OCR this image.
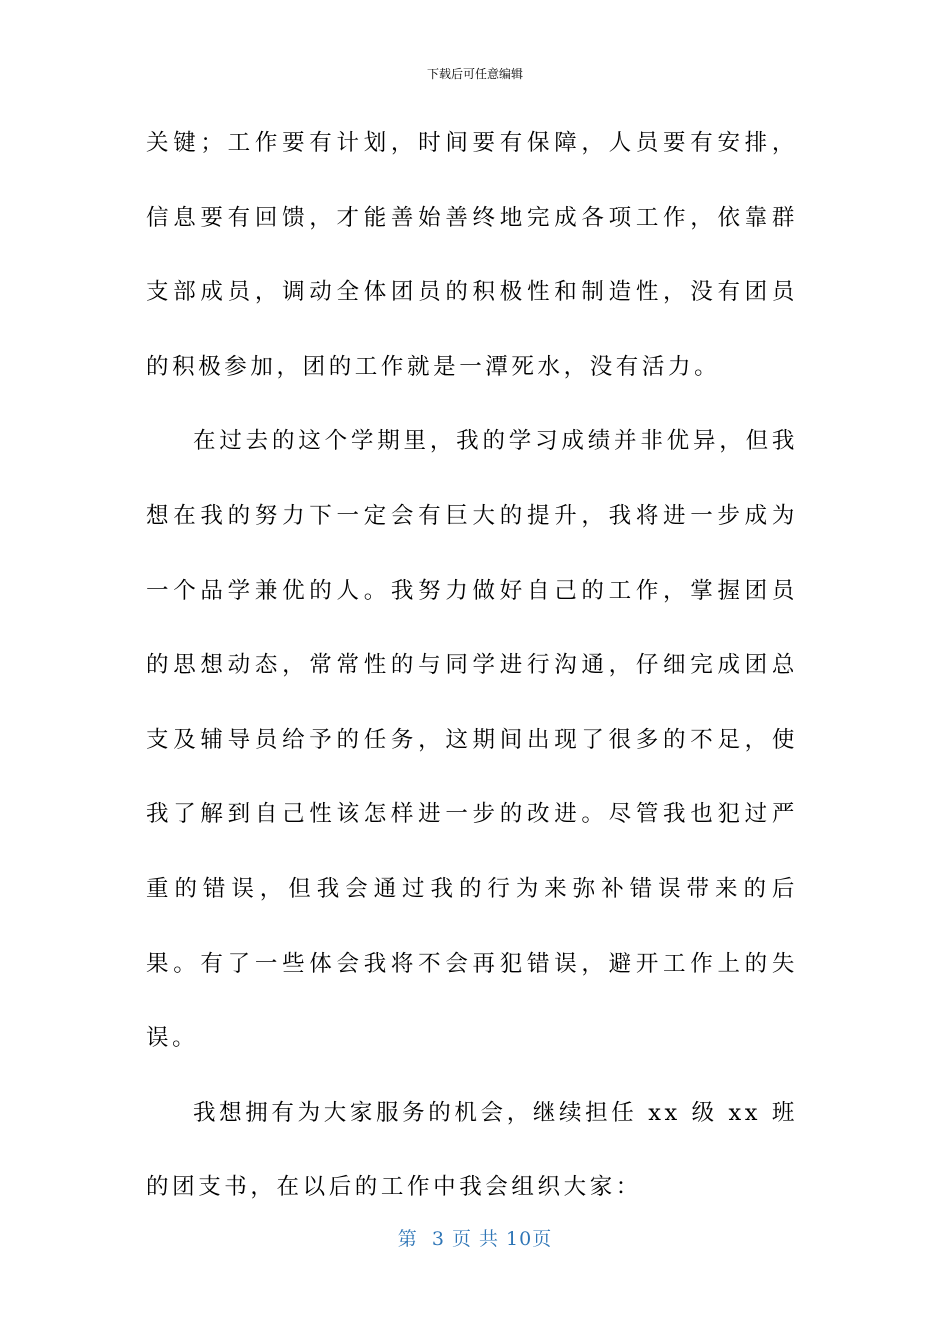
下载后可任意编辑

关键；工作要有计划，时间要有保障，人员要有安排，信息要有回馈，才能善始善终地完成各项工作，依靠群支部成员，调动全体团员的积极性和制造性，没有团员的积极参加，团的工作就是一潭死水，没有活力。

在过去的这个学期里，我的学习成绩并非优异，但我想在我的努力下一定会有巨大的提升，我将进一步成为一个品学兼优的人。我努力做好自己的工作，掌握团员的思想动态，常常性的与同学进行沟通，仔细完成团总支及辅导员给予的任务，这期间出现了很多的不足，使我了解到自己性该怎样进一步的改进。尽管我也犯过严重的错误，但我会通过我的行为来弥补错误带来的后果。有了一些体会我将不会再犯错误，避开工作上的失误。

我想拥有为大家服务的机会，继续担任 xx 级 xx 班的团支书，在以后的工作中我会组织大家：

第  3 页 共 10页
